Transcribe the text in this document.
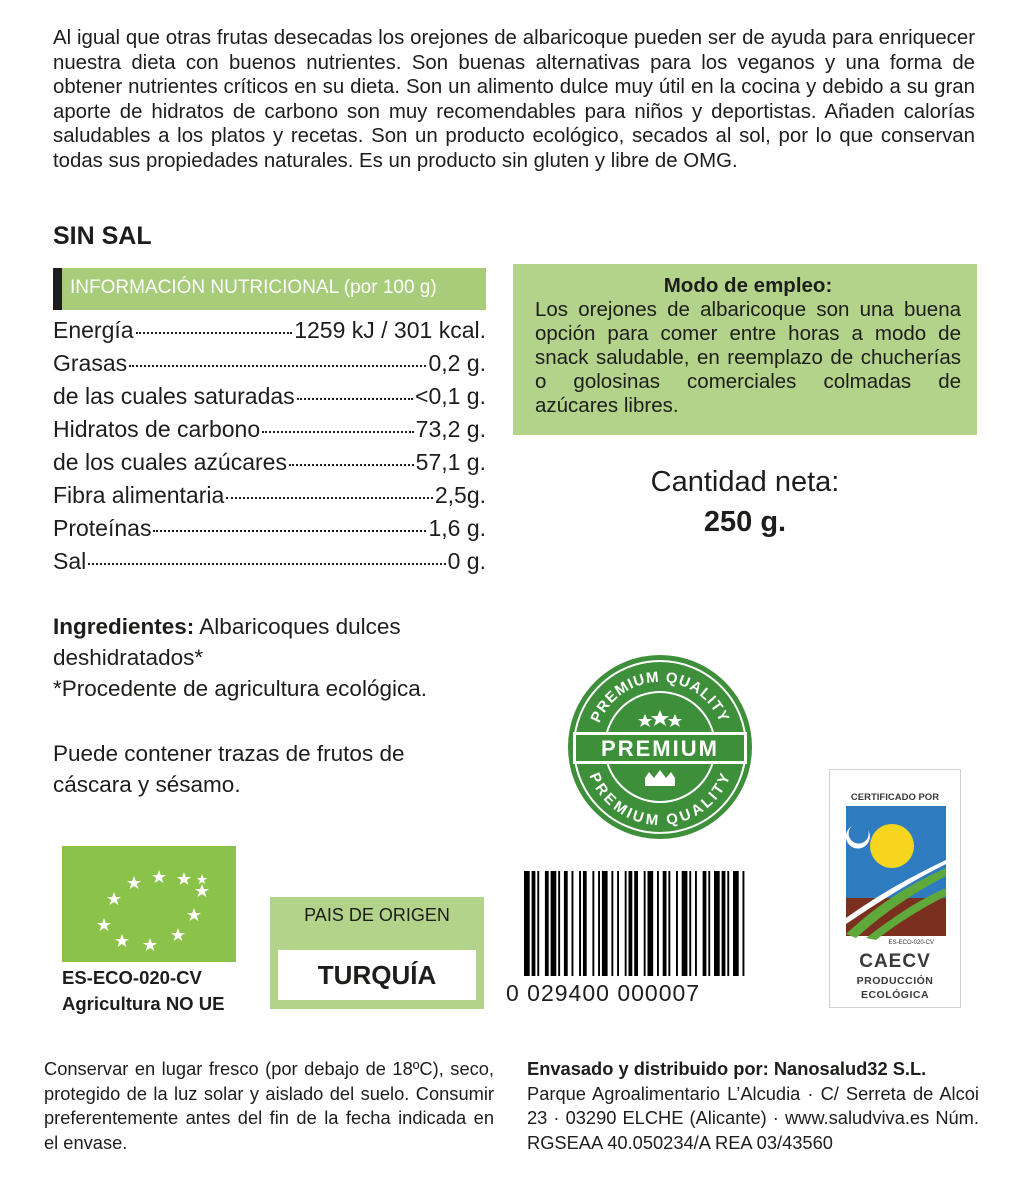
Al igual que otras frutas desecadas los orejones de albaricoque pueden ser de ayuda para enriquecer nuestra dieta con buenos nutrientes. Son buenas alternativas para los veganos y una forma de obtener nutrientes críticos en su dieta. Son un alimento dulce muy útil en la cocina y debido a su gran aporte de hidratos de carbono son muy recomendables para niños y deportistas. Añaden calorías saludables a los platos y recetas. Son un producto ecológico, secados al sol, por lo que conservan todas sus propiedades naturales. Es un producto sin gluten y libre de OMG.

SIN SAL

INFORMACIÓN NUTRICIONAL (por 100 g)
Energía	1259 kJ / 301 kcal.
Grasas	0,2 g.
de las cuales saturadas	<0,1 g.
Hidratos de carbono	73,2 g.
de los cuales azúcares	57,1 g.
Fibra alimentaria	2,5g.
Proteínas	1,6 g.
Sal	0 g.

Ingredientes: Albaricoques dulces deshidratados*
*Procedente de agricultura ecológica.

Puede contener trazas de frutos de cáscara y sésamo.

Modo de empleo:

Los orejones de albaricoque son una buena opción para comer entre horas a modo de snack saludable, en reemplazo de chucherías o golosinas comerciales colmadas de azúcares libres.

Cantidad neta:

250 g.

PREMIUM QUALITY
PREMIUM QUALITY
PREMIUM
CERTIFICADO POR
ES-ECO-020-CV
CAECV
PRODUCCIÓN
ECOLÓGICA

ES-ECO-020-CV

Agricultura NO UE

PAIS DE ORIGEN
TURQUÍA

0 029400 000007

Conservar en lugar fresco (por debajo de 18ºC), seco, protegido de la luz solar y aislado del suelo. Consumir preferentemente antes del fin de la fecha indicada en el envase.

Envasado y distribuido por: Nanosalud32 S.L.
Parque Agroalimentario L’Alcudia · C/ Serreta de Alcoi 23 · 03290 ELCHE (Alicante) · www.saludviva.es Núm. RGSEAA 40.050234/A REA 03/43560
